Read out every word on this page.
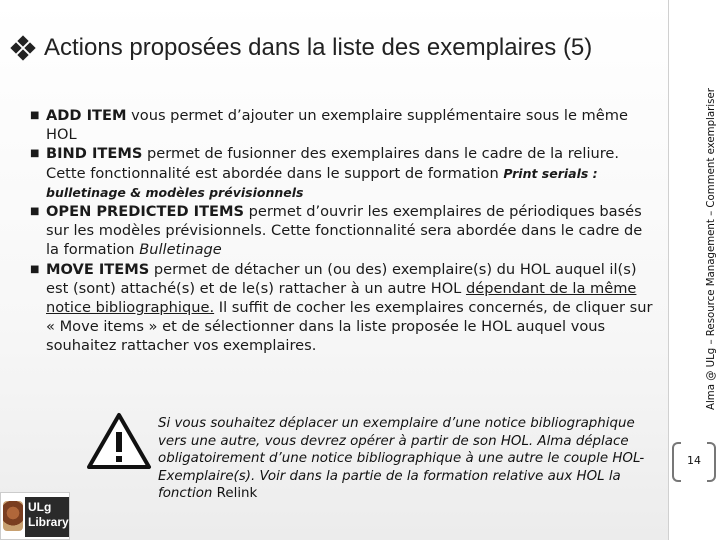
Actions proposées dans la liste des exemplaires (5)
■
ADD ITEM vous permet d’ajouter un exemplaire supplémentaire sous le même HOL
■
BIND ITEMS permet de fusionner des exemplaires dans le cadre de la reliure. Cette fonctionnalité est abordée dans le support de formation Print serials : bulletinage & modèles prévisionnels
■
OPEN PREDICTED ITEMS permet d’ouvrir les exemplaires de périodiques basés sur les modèles prévisionnels. Cette fonctionnalité sera abordée dans le cadre de la formation Bulletinage
■
MOVE ITEMS permet de détacher un (ou des) exemplaire(s) du HOL auquel il(s) est (sont) attaché(s) et de le(s) rattacher à un autre HOL dépendant de la même notice bibliographique. Il suffit de cocher les exemplaires concernés, de cliquer sur « Move items » et de sélectionner dans la liste proposée le HOL auquel vous souhaitez rattacher vos exemplaires.
Si vous souhaitez déplacer un exemplaire d’une notice bibliographique vers une autre, vous devrez opérer à partir de son HOL. Alma déplace obligatoirement d’une notice bibliographique à une autre le couple HOL-Exemplaire(s). Voir dans la partie de la formation relative aux HOL la fonction Relink
Alma @ ULg – Resource Management – Comment exemplariser
14
ULg
Library
